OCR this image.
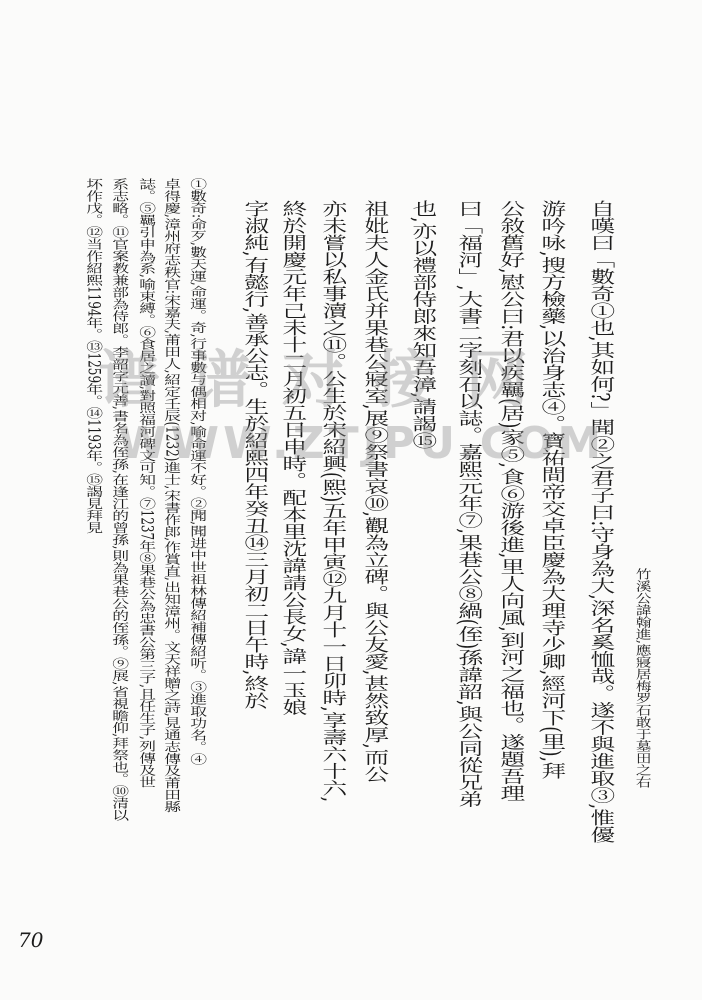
竹溪公諱翰進,應寢居梅罗石敢于墓田之右
自嘆曰「數奇①也,其如何?」聞②之君子曰:守身為大,深名奚恤哉。遂不與進取③,惟優
游吟咏,搜方檢藥,以治身志④。寶祐間帝交卓臣慶為大理寺少卿,經河下(里),拜
公敘舊好,慰公曰:君以疾羈(居)家⑤,食⑥游後進,里人向風,到河之福也。遂題吾理
曰「福河」,大書二字刻石以誌。嘉熙元年⑦,果巷公⑧緺(侄)孫諱韶,與公同從兄弟
也,亦以禮部侍郎來知吾漳,請謁⑮
祖妣夫人金氏并果巷公寢室,展⑨祭書哀⑩,觀為立碑。與公友愛,甚然致厚,而公
亦未嘗以私事瀆之⑪。公生於宋紹興(熙)五年甲寅⑫九月十一日卯時,享壽六十六,
終於開慶元年己未十二月初五日申時。配本里沈諱請公長女,諱一玉娘
字淑純,有懿行,善承公志。生於紹熙四年癸丑⑭三月初二日午時,終於
①數奇:命歹,數天運,命運。奇,行事數与偶相对,喻命運不好。②聞,聞进中世祖林傳紹補傳紹听。③進取功名。④
卓得慶,漳州府志秩官:宋嘉夫,莆田人,紹定壬辰(1232)進士,宋書作郎,作賞直,出知漳州。文天祥贈之詩,見通志傳及莆田縣
誌。⑤羈引申為系,喻束縛。⑥食居之讀,對照福河碑文可知。⑦1237年⑧果巷公為忠書公第三子,且任生子,列傳及世
系志略。⑪官案教兼部為侍郎。李韶字元善,書名為侄孫,在逢江的曾孫,則為果巷公的侄孫。⑨展,省視瞻仰,拜祭也。⑩清以
坏作戊。⑫当作紹熙1194年。⑬1259年。⑭1193年。⑮謁見拜見
70
谱谱对接网
WWW.ZTJPU.COM
